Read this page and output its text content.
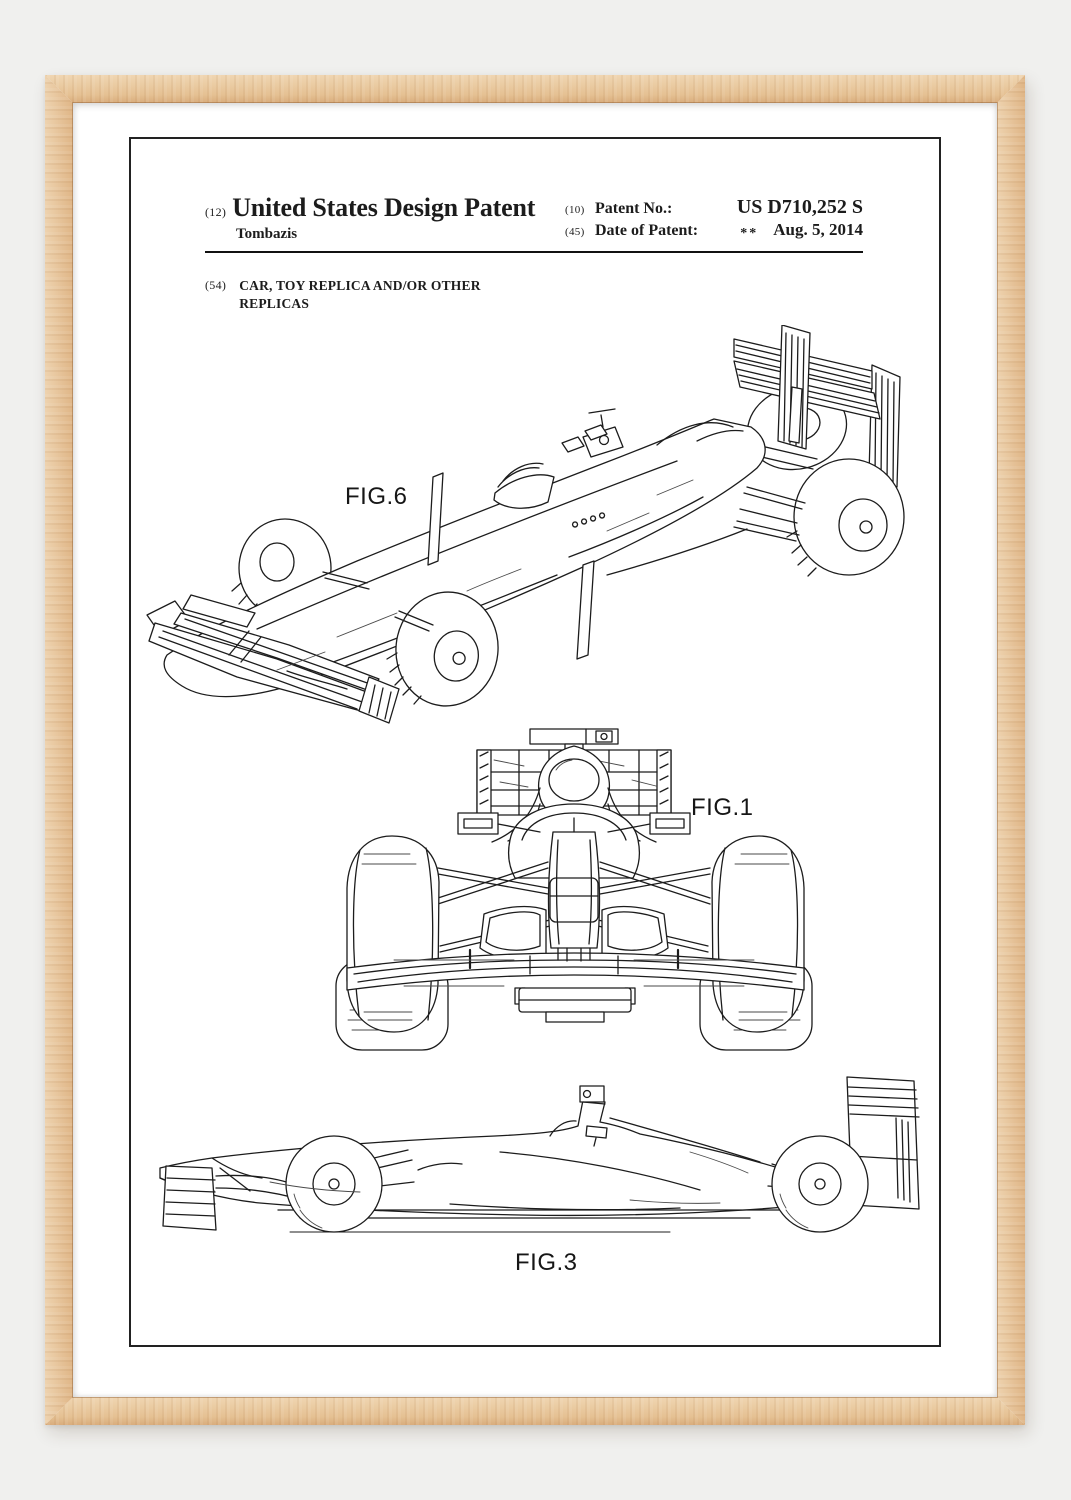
(12) United States Design Patent
Tombazis
(10) Patent No.:	US D710,252 S
(45) Date of Patent:	** Aug. 5, 2014
(54) CAR, TOY REPLICA AND/OR OTHER
REPLICAS
FIG.6
FIG.1
FIG.3
